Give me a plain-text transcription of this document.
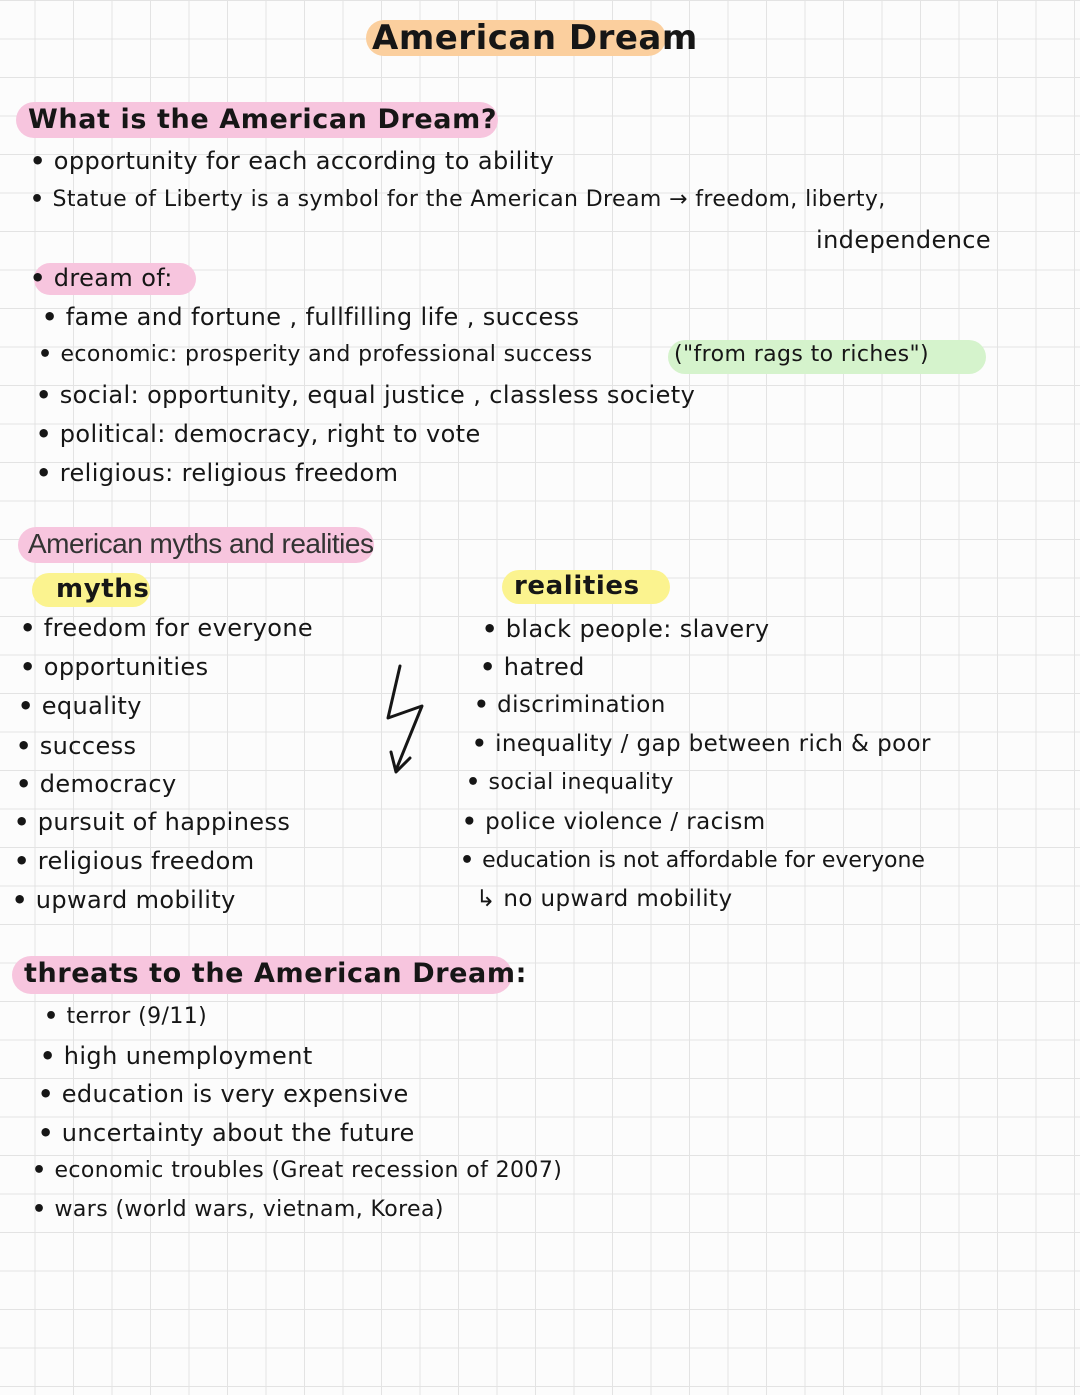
American Dream
What is the American Dream?
• opportunity for each according to ability
• Statue of Liberty is a symbol for the American Dream → freedom, liberty,
independence
• dream of:
• fame and fortune , fullfilling life , success
• economic: prosperity and professional success	("from rags to riches")
• social: opportunity, equal justice , classless society
• political: democracy, right to vote
• religious: religious freedom
American myths and realities
myths	realities
• freedom for everyone
• opportunities
• equality
• success
• democracy
• pursuit of happiness
• religious freedom
• upward mobility
• black people: slavery
• hatred
• discrimination
• inequality / gap between rich & poor
• social inequality
• police violence / racism
• education is not affordable for everyone
↳ no upward mobility
threats to the American Dream:
• terror (9/11)
• high unemployment
• education is very expensive
• uncertainty about the future
• economic troubles (Great recession of 2007)
• wars (world wars, vietnam, Korea)
